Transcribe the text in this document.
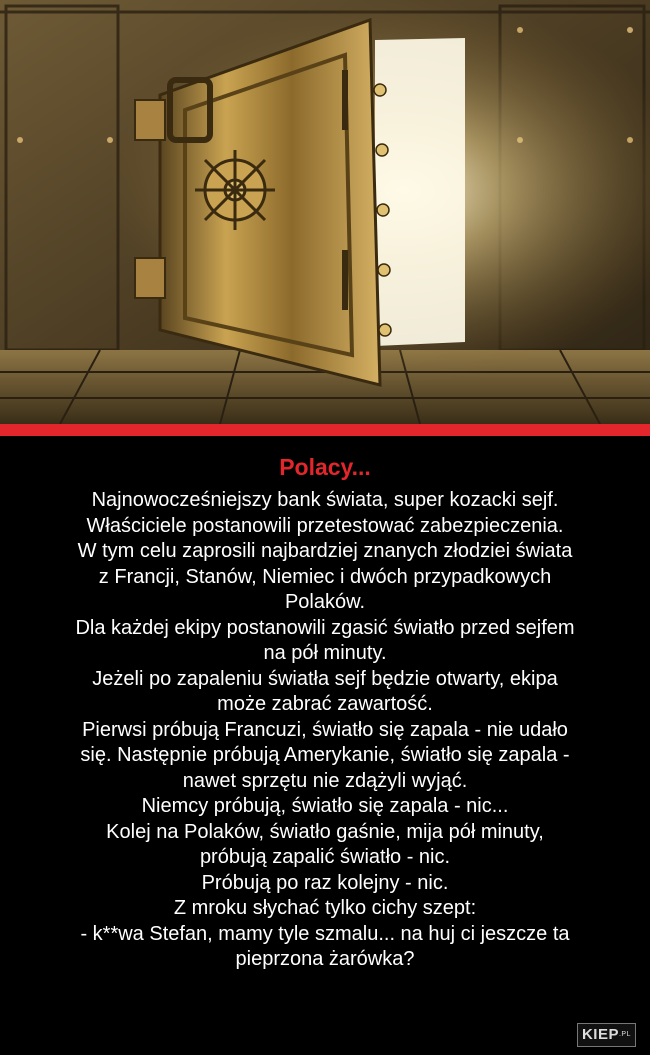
Polacy...

Najnowocześniejszy bank świata, super kozacki sejf.

Właściciele postanowili przetestować zabezpieczenia.

W tym celu zaprosili najbardziej znanych złodziei świata

z Francji, Stanów, Niemiec i dwóch przypadkowych

Polaków.

Dla każdej ekipy postanowili zgasić światło przed sejfem

na pół minuty.

Jeżeli po zapaleniu światła sejf będzie otwarty, ekipa

może zabrać zawartość.

Pierwsi próbują Francuzi, światło się zapala - nie udało

się. Następnie próbują Amerykanie, światło się zapala -

nawet sprzętu nie zdążyli wyjąć.

Niemcy próbują, światło się zapala - nic...

Kolej na Polaków, światło gaśnie, mija pół minuty,

próbują zapalić światło - nic.

Próbują po raz kolejny - nic.

Z mroku słychać tylko cichy szept:

- k**wa Stefan, mamy tyle szmalu... na huj ci jeszcze ta

pieprzona żarówka?

KIEP.PL
